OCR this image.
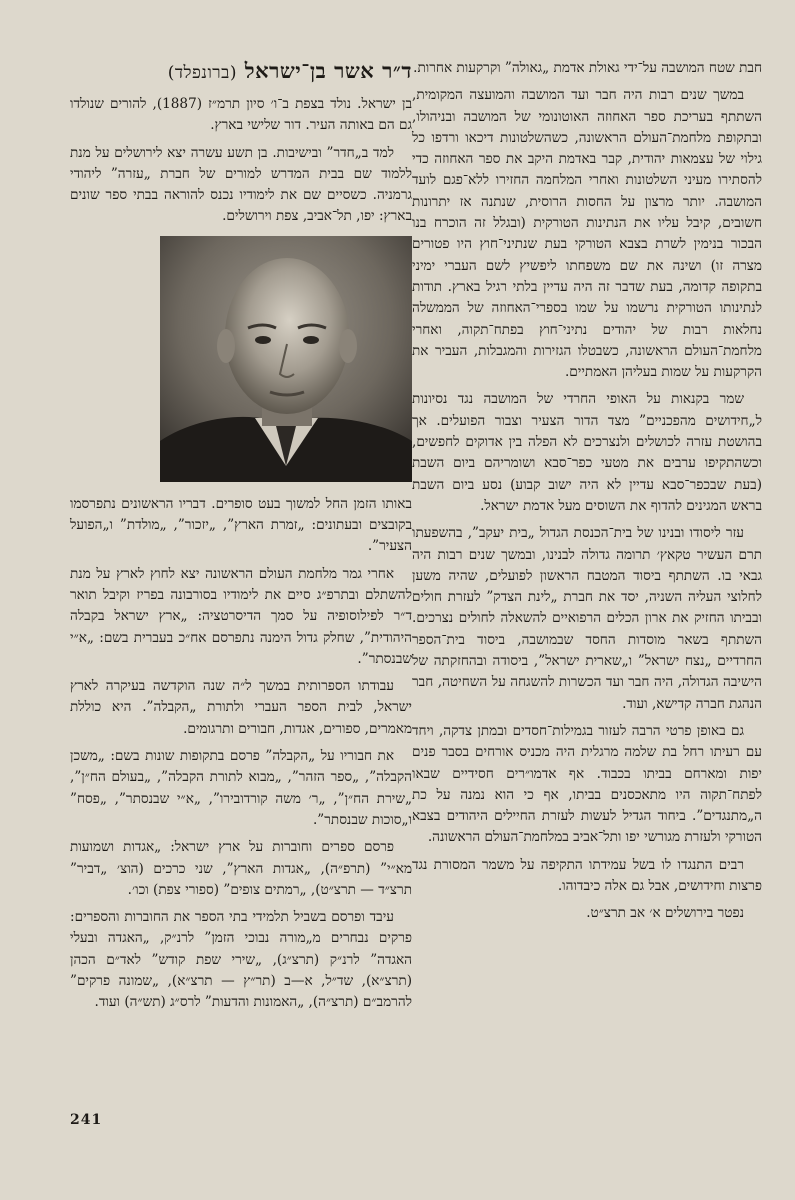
חבת שטח המושבה על־ידי גאולת אדמת „גאולה” וקרקעות אחרות.

במשך שנים רבות היה חבר ועד המושבה והמועצה המקומית, השתתף בעריכת ספר האחוזה האוטונומי של המושבה ובניהולו, ובתקופת מלחמת־העולם הראשונה, כשהשלטונות דיכאו ורדפו כל גילוי של עצמאות יהודית, קבר באדמת היקב את ספר האחוזה כדי להסתירו מעיני השלטונות ואחרי המלחמה החזירו ללא־פגם לועד המושבה. יותר מרצון על החסות הרוסית, שנתנה אז יתרונות חשובים, קיבל עליו את הנתינות הטורקית (ובגלל זה הוכרח בנו הבכור בנימין לשרת בצבא הטורקי בעת שנתיני־חוץ היו פטורים מצרה זו) ושינה את שם משפחתו ליפשיץ לשם העברי ימיני בתקופה קדומה, בעת שדבר זה היה עדיין בלתי רגיל בארץ. תודות לנתינותו הטורקית נרשמו על שמו בספרי־האחוזה של הממשלה נחלאות רבות של יהודים נתיני־חוץ בפתח־תקוה, ואחרי מלחמת־העולם הראשונה, כשבטלו הגזירות והמגבלות, העביר את הקרקעות על שמות בעליהן האמתיים.

שמר בקנאות על האופי החרדי של המושבה נגד נסיונות ל„חידושים מהפכניים” מצד הדור הצעיר וצבור הפועלים. אך בהושטת עזרה לכושלים ולנצרכים לא הפלה בין אדוקים לחפשים, וכשהתקיפו ערבים את מטעי כפר־סבא ושומריהם ביום השבת (בעת שבכפר־סבא עדיין לא היה ישוב קבוע) נסע ביום השבת בראש המגינים להדוף את השוסים מעל אדמת ישראל.

עזר ליסודו ובנינו של בית־הכנסת הגדול „בית יעקב”, בהשפעתו תרם העשיר טקאץ׳ תרומה גדולה לבנינו, ובמשך שנים רבות היה גבאי בו. השתתף ביסוד המטבח הראשון לפועלים, שהיה משען לחלוצי העליה השניה, יסד את חברת „לינת הצדק” לעזרת חולים ובביתו החזיק את ארון הכלים הרפואיים להשאלה לחולים נצרכים. השתתף בשאר מוסדות החסד שבמושבה, ביסוד בית־הספר החרדיים „נצח ישראל” ו„שארית ישראל”, ביסודה ובהחזקתה של הישיבה הגדולה, היה חבר ועד הכשרות להשגחה על השחיטה, חבר הנהגת חברה קדישא, ועוד.

גם באופן פרטי הרבה לעזור בגמילות־חסדים ובמתן צדקה, ויחד עם רעיתו רחל בת שלמה מרגלית היה מכניס אורחים בסבר פנים יפות ומארחם בביתו בכבוד. אף אדמו״רים חסידיים שבאו לפתח־תקוה היו מתאכסנים בביתו, אף כי הוא נמנה על כת ה„מתנגדים”. ביחוד הגדיל לעשות לעזרת החיילים היהודים בצבא הטורקי ולעזרת מגורשי יפו ותל־אביב במלחמת־העולם הראשונה.

רבים התנגדו לו בשל עמידתו התקיפה על משמר המסורת נגד פרצות וחידושים, אבל גם אלה כיבדוהו.

נפטר בירושלים א׳ אב תרצ״ט.

ד״ר אשר בן־ישראל (ברונפלד)

בן ישראל. נולד בצפת ב־ו׳ סיון תרמ״ז (1887), להורים שנולדו גם הם באותה העיר. דור שלישי בארץ.

למד ב„חדר” ובישיבות. בן תשע עשרה יצא לירושלים על מנת ללמוד שם בבית המדרש למורים של חברת „עזרה” ליהודי גרמניה. כשסיים שם את לימודיו נכנס להוראה בבתי ספר שונים בארץ: יפו, תל־אביב, צפת וירושלים.

באותו הזמן החל למשוך בעט סופרים. דבריו הראשונים נתפרסמו בקובצים ובעתונים: „זמרת הארץ”, „יזכור”, „מולדת” ו„הפועל הצעיר”.

אחרי גמר מלחמת העולם הראשונה יצא לחוץ לארץ על מנת להשתלם ובתרפ״ג סיים את לימודיו בסורבונה בפריז וקיבל תואר ד״ר לפילוסופיה על סמך הדיסרטציה: „ארץ ישראל בקבלה היהודית”, שחלק גדול הימנה נתפרסם אח״כ בעברית בשם: „א״י שבנסתר”.

עבודתו הספרותית במשך ל״ה שנה הוקדשה בעיקרה לארץ ישראל, לבית הספר העברי ולתורת „הקבלה”. היא כוללת מאמרים, ספורים, אגדות, חבורים ותרגומים.

את חבוריו על „הקבלה” פרסם בתקופות שונות בשם: „משכן הקבלה”, „ספר הזהר”, „מבוא לתורת הקבלה”, „בעולם הח״ן”, „שירת הח״ן”, „ר׳ משה קורדובירו”, „א״י שבנסתר”, „פסח” ו„סוכות שבנסתר”.

פרסם ספרים וחוברות על ארץ ישראל: „אגדות ושמועות מא״י” (תרפ״ה), „אגדות הארץ”, שני כרכים (הוצ׳ „דביר” תרצ״ד — תרצ״ט), „רמתים צופים” (ספורי צפת) וכו׳.

עיבד ופרסם בשביל תלמידי בתי הספר את החוברות והספרים: פרקים נבחרים מ„מורה נבוכי הזמן” לרנ״ק, „האגדה ובעלי האגדה” לרנ״ק (תרצ״ג), „שירי שפת קודש” לאד״ם הכהן (תרצ״א), שד״ל, א—ב (תר״ץ — תרצ״א), „שמונה פרקים” להרמב״ם (תרצ״ה), „האמונות והדעות” לרס״ג (תש״ה) ועוד.

241
